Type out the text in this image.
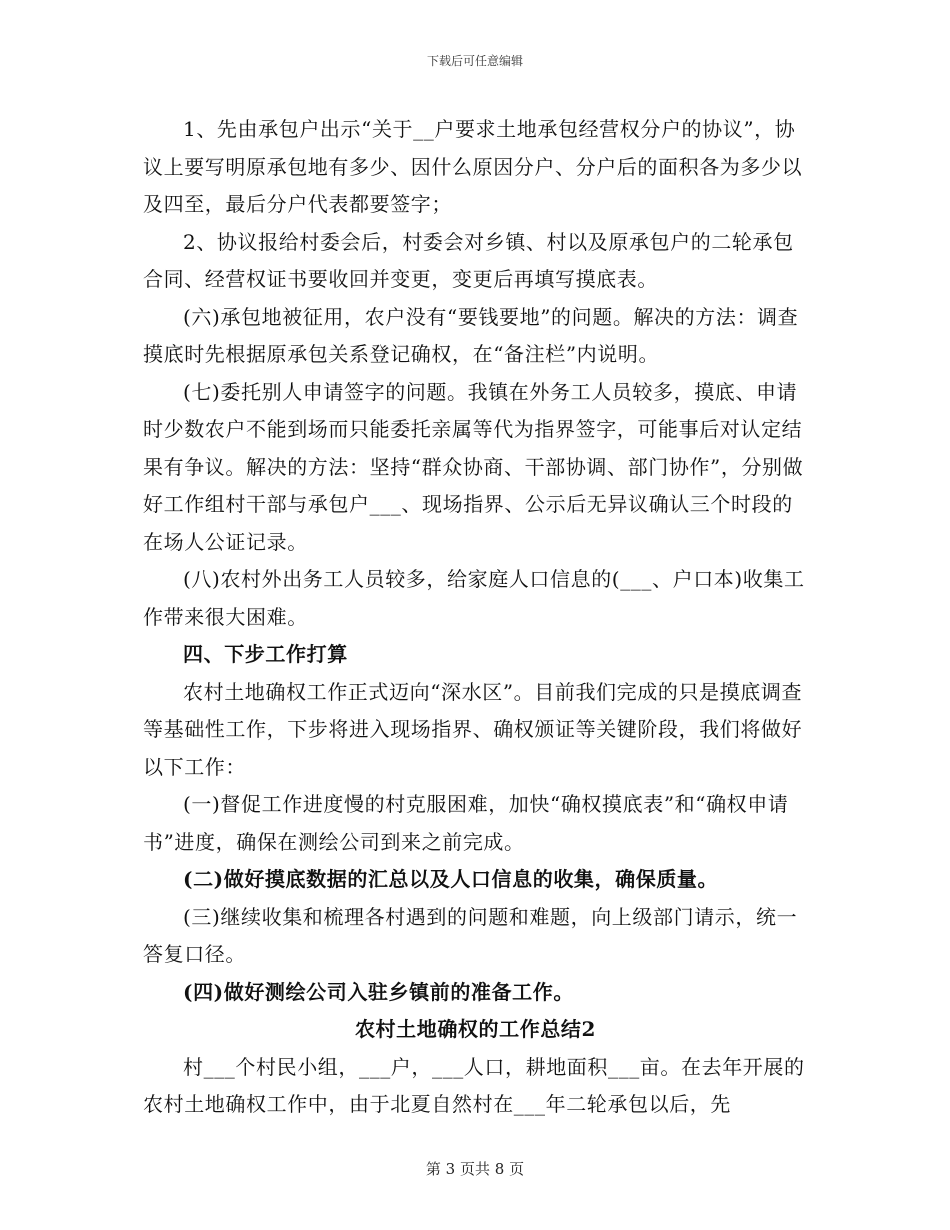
下载后可任意编辑

1、先由承包户出示“关于__户要求土地承包经营权分户的协议”，协议上要写明原承包地有多少、因什么原因分户、分户后的面积各为多少以及四至，最后分户代表都要签字；

2、协议报给村委会后，村委会对乡镇、村以及原承包户的二轮承包合同、经营权证书要收回并变更，变更后再填写摸底表。

(六)承包地被征用，农户没有“要钱要地”的问题。解决的方法：调查摸底时先根据原承包关系登记确权，在“备注栏”内说明。

(七)委托别人申请签字的问题。我镇在外务工人员较多，摸底、申请时少数农户不能到场而只能委托亲属等代为指界签字，可能事后对认定结果有争议。解决的方法：坚持“群众协商、干部协调、部门协作”，分别做好工作组村干部与承包户___、现场指界、公示后无异议确认三个时段的在场人公证记录。

(八)农村外出务工人员较多，给家庭人口信息的(___、户口本)收集工作带来很大困难。

四、下步工作打算

农村土地确权工作正式迈向“深水区”。目前我们完成的只是摸底调查等基础性工作，下步将进入现场指界、确权颁证等关键阶段，我们将做好以下工作：

(一)督促工作进度慢的村克服困难，加快“确权摸底表”和“确权申请书”进度，确保在测绘公司到来之前完成。

(二)做好摸底数据的汇总以及人口信息的收集，确保质量。

(三)继续收集和梳理各村遇到的问题和难题，向上级部门请示，统一答复口径。

(四)做好测绘公司入驻乡镇前的准备工作。

农村土地确权的工作总结2

村___个村民小组，___户，___人口，耕地面积___亩。在去年开展的农村土地确权工作中，由于北夏自然村在___年二轮承包以后，先

第 3 页共 8 页
